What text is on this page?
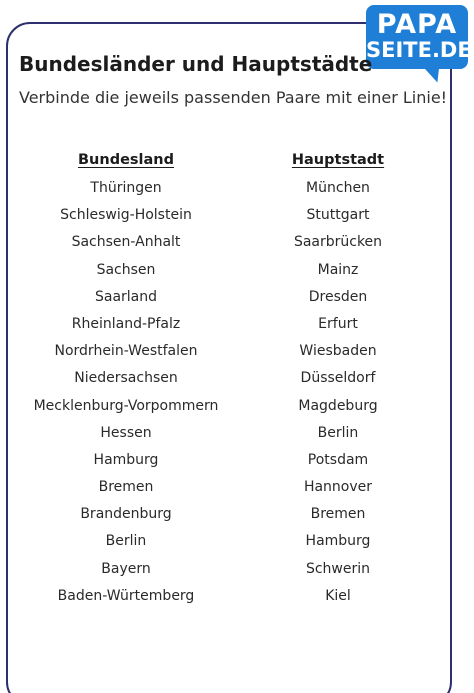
PAPA
SEITE.DE
Bundesländer und Hauptstädte
Verbinde die jeweils passenden Paare mit einer Linie!
Bundesland	Hauptstadt
Thüringen
Schleswig-Holstein
Sachsen-Anhalt
Sachsen
Saarland
Rheinland-Pfalz
Nordrhein-Westfalen
Niedersachsen
Mecklenburg-Vorpommern
Hessen
Hamburg
Bremen
Brandenburg
Berlin
Bayern
Baden-Würtemberg
München
Stuttgart
Saarbrücken
Mainz
Dresden
Erfurt
Wiesbaden
Düsseldorf
Magdeburg
Berlin
Potsdam
Hannover
Bremen
Hamburg
Schwerin
Kiel
